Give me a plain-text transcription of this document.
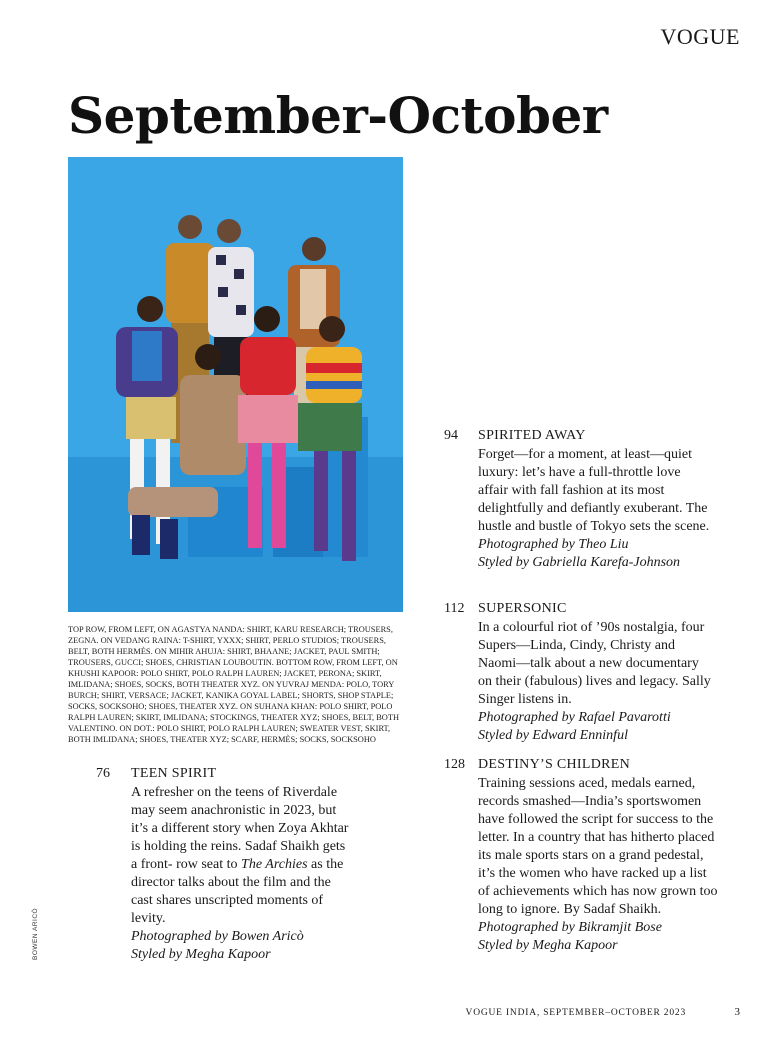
VOGUE
September-October
TOP ROW, FROM LEFT, ON AGASTYA NANDA: SHIRT, KARU RESEARCH; TROUSERS, ZEGNA. ON VEDANG RAINA: T-SHIRT, YXXX; SHIRT, PERLO STUDIOS; TROUSERS, BELT, BOTH HERMÈS. ON MIHIR AHUJA: SHIRT, BHAANE; JACKET, PAUL SMITH; TROUSERS, GUCCI; SHOES, CHRISTIAN LOUBOUTIN. BOTTOM ROW, FROM LEFT, ON KHUSHI KAPOOR: POLO SHIRT, POLO RALPH LAUREN; JACKET, PERONA; SKIRT, IMLIDANA; SHOES, SOCKS, BOTH THEATER XYZ. ON YUVRAJ MENDA: POLO, TORY BURCH; SHIRT, VERSACE; JACKET, KANIKA GOYAL LABEL; SHORTS, SHOP STAPLE; SOCKS, SOCKSOHO; SHOES, THEATER XYZ. ON SUHANA KHAN: POLO SHIRT, POLO RALPH LAUREN; SKIRT, IMLIDANA; STOCKINGS, THEATER XYZ; SHOES, BELT, BOTH VALENTINO. ON DOT.: POLO SHIRT, POLO RALPH LAUREN; SWEATER VEST, SKIRT, BOTH IMLIDANA; SHOES, THEATER XYZ; SCARF, HERMÈS; SOCKS, SOCKSOHO
94 SPIRITED AWAY
Forget—for a moment, at least—quiet luxury: let’s have a full-throttle love affair with fall fashion at its most delightfully and defiantly exuberant. The hustle and bustle of Tokyo sets the scene.
Photographed by Theo Liu
Styled by Gabriella Karefa-Johnson
112 SUPERSONIC
In a colourful riot of ’90s nostalgia, four Supers—Linda, Cindy, Christy and Naomi—talk about a new documentary on their (fabulous) lives and legacy. Sally Singer listens in.
Photographed by Rafael Pavarotti
Styled by Edward Enninful
128 DESTINY’S CHILDREN
Training sessions aced, medals earned, records smashed—India’s sportswomen have followed the script for success to the letter. In a country that has hitherto placed its male sports stars on a grand pedestal, it’s the women who have racked up a list of achievements which has now grown too long to ignore. By Sadaf Shaikh.
Photographed by Bikramjit Bose
Styled by Megha Kapoor
76 TEEN SPIRIT
A refresher on the teens of Riverdale may seem anachronistic in 2023, but it’s a different story when Zoya Akhtar is holding the reins. Sadaf Shaikh gets a front- row seat to The Archies as the director talks about the film and the cast shares unscripted moments of levity.
Photographed by Bowen Aricò
Styled by Megha Kapoor
BOWEN ARICÒ
VOGUE INDIA, SEPTEMBER–OCTOBER 2023	3
